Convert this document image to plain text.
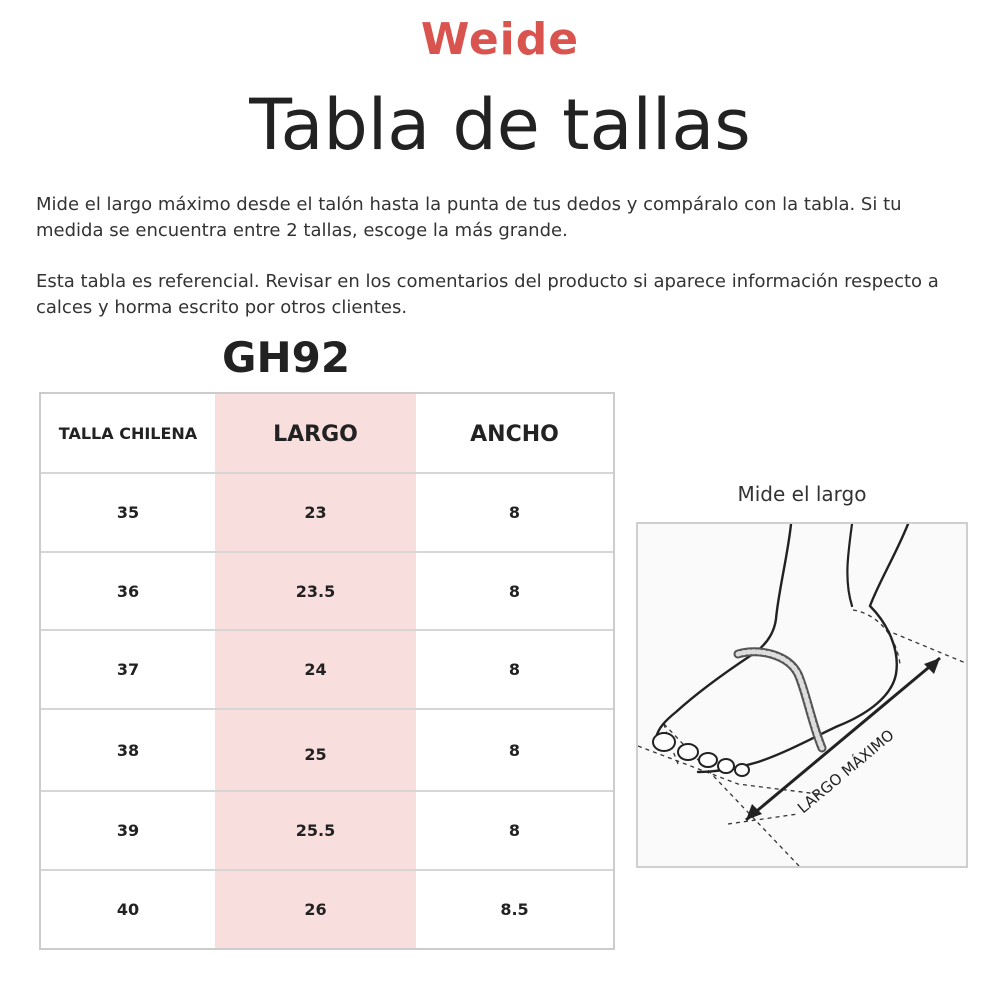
Weide
Tabla de tallas
Mide el largo máximo desde el talón hasta la punta de tus dedos y compáralo con la tabla. Si tu medida se encuentra entre 2 tallas, escoge la más grande.
Esta tabla es referencial. Revisar en los comentarios del producto si aparece información respecto a calces y horma escrito por otros clientes.
GH92
TALLA CHILENA	LARGO	ANCHO
35	23	8
36	23.5	8
37	24	8
38	25	8
39	25.5	8
40	26	8.5
Mide el largo
LARGO MÁXIMO
